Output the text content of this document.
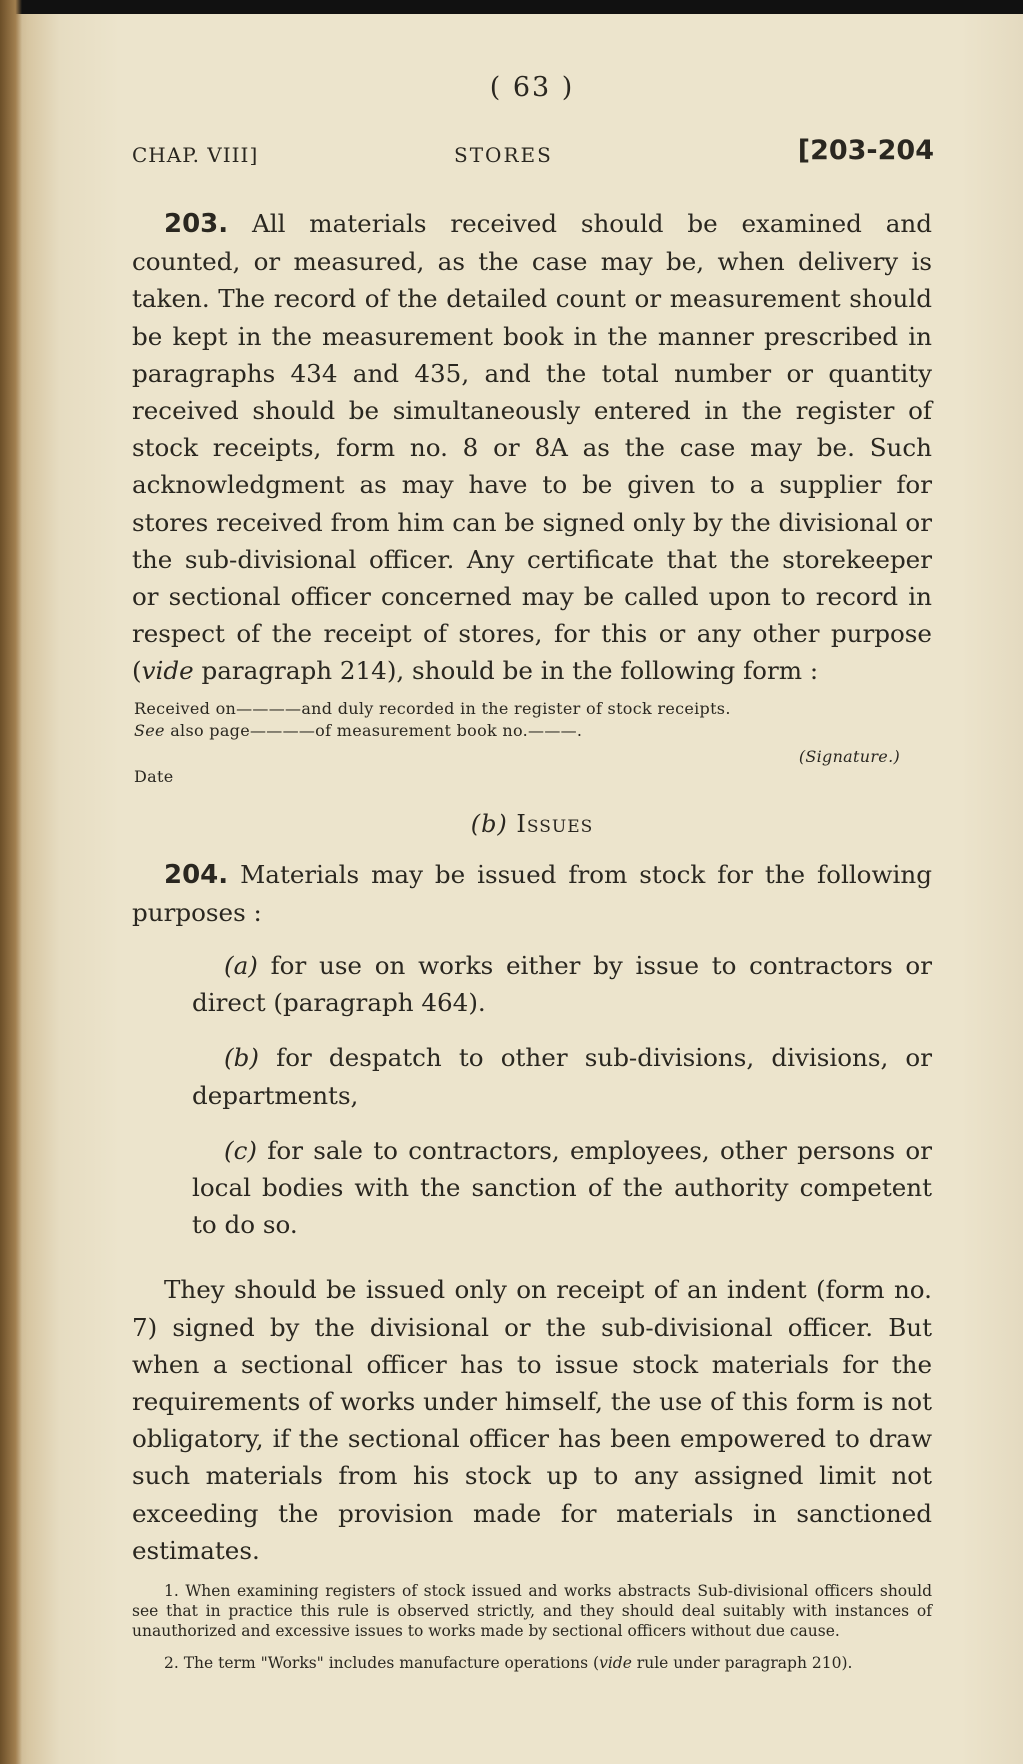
( 63 )
CHAP. VIII]	STORES	[203-204

203. All materials received should be examined and counted, or measured, as the case may be, when delivery is taken. The record of the detailed count or measurement should be kept in the measurement book in the manner prescribed in paragraphs 434 and 435, and the total number or quantity received should be simultaneously entered in the register of stock receipts, form no. 8 or 8A as the case may be. Such acknowledgment as may have to be given to a supplier for stores received from him can be signed only by the divisional or the sub-divisional officer. Any certificate that the storekeeper or sectional officer concerned may be called upon to record in respect of the receipt of stores, for this or any other purpose (vide paragraph 214), should be in the following form :

Received on————and duly recorded in the register of stock receipts.
See also page————of measurement book no.———.
(Signature.)
Date
(b) Issues

204. Materials may be issued from stock for the following purposes :

(a) for use on works either by issue to contractors or direct (paragraph 464).

(b) for despatch to other sub-divisions, divisions, or departments,

(c) for sale to contractors, employees, other persons or local bodies with the sanction of the authority competent to do so.

They should be issued only on receipt of an indent (form no. 7) signed by the divisional or the sub-divisional officer. But when a sectional officer has to issue stock materials for the requirements of works under himself, the use of this form is not obligatory, if the sectional officer has been empowered to draw such materials from his stock up to any assigned limit not exceeding the provision made for materials in sanctioned estimates.

1. When examining registers of stock issued and works abstracts Sub-divisional officers should see that in practice this rule is observed strictly, and they should deal suitably with instances of unauthorized and excessive issues to works made by sectional officers without due cause.

2. The term "Works" includes manufacture operations (vide rule under paragraph 210).
